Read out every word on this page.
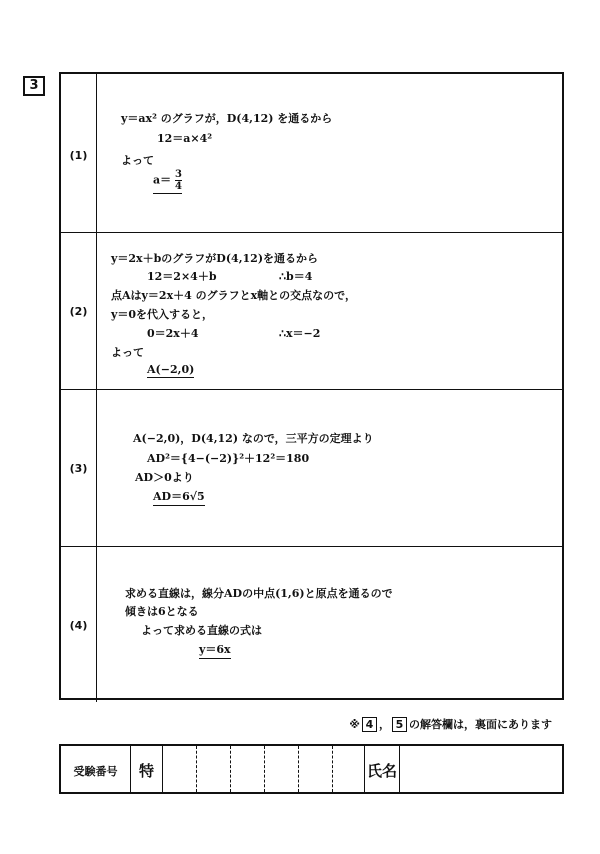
3
(1)
y＝ax² のグラフが，D(4,12) を通るから
12＝a×4²
よって
$a= \frac{3}{4}$
(2)
y＝2x＋bのグラフがD(4,12)を通るから
12＝2×4＋b	∴b＝4
点Aはy＝2x＋4 のグラフとx軸との交点なので，
y＝0を代入すると，
0＝2x＋4	∴x＝−2
よって
A(−2,0)
(3)
A(−2,0)，D(4,12) なので，三平方の定理より
AD²＝{4−(−2)}²＋12²＝180
AD＞0より
AD＝6√5
(4)
求める直線は，線分ADの中点(1,6)と原点を通るので
傾きは6となる
よって求める直線の式は
y＝6x
※ 4 ， 5 の解答欄は，裏面にあります
受験番号	特	氏名
